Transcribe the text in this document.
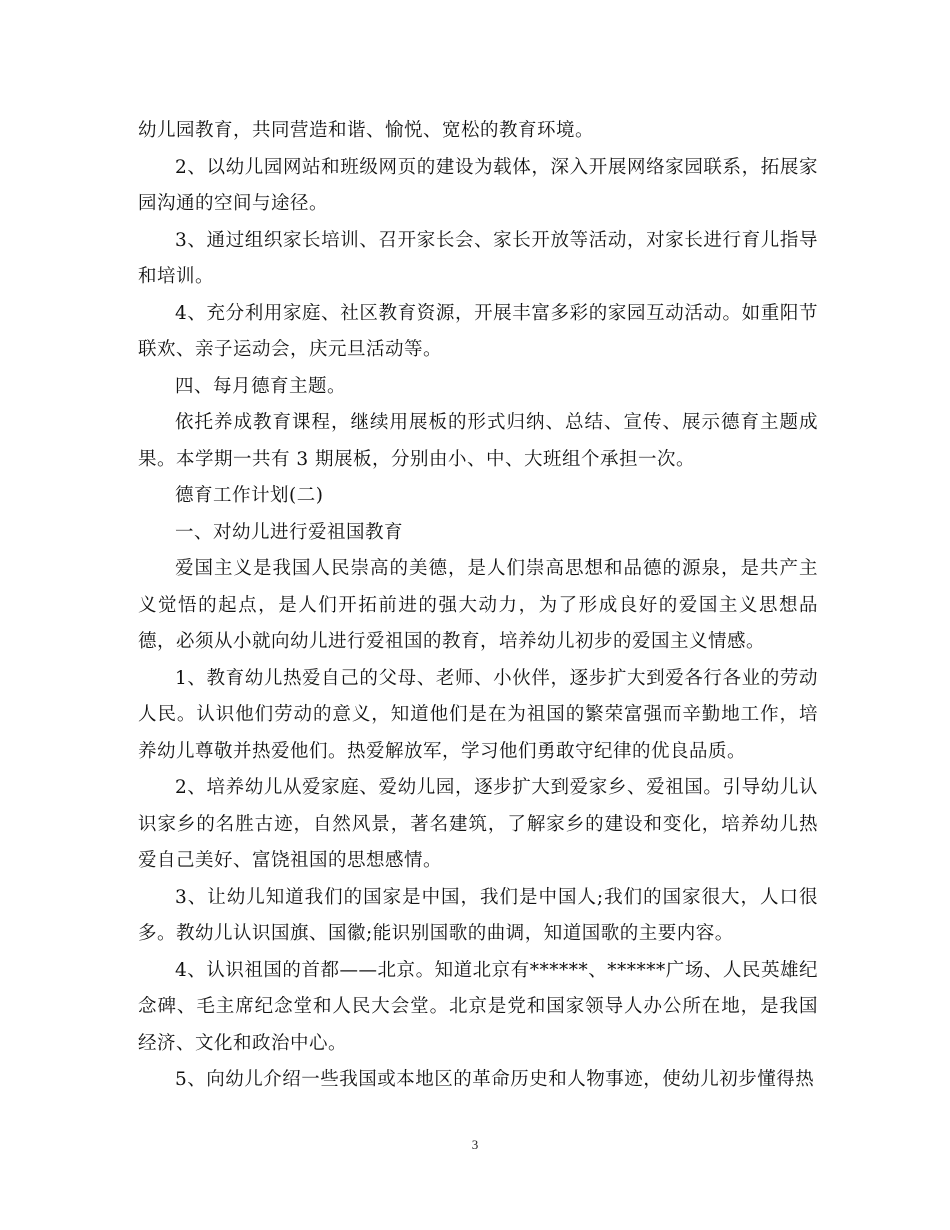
幼儿园教育，共同营造和谐、愉悦、宽松的教育环境。

2、以幼儿园网站和班级网页的建设为载体，深入开展网络家园联系，拓展家园沟通的空间与途径。

3、通过组织家长培训、召开家长会、家长开放等活动，对家长进行育儿指导和培训。

4、充分利用家庭、社区教育资源，开展丰富多彩的家园互动活动。如重阳节联欢、亲子运动会，庆元旦活动等。

四、每月德育主题。

依托养成教育课程，继续用展板的形式归纳、总结、宣传、展示德育主题成果。本学期一共有 3 期展板，分别由小、中、大班组个承担一次。

德育工作计划(二)

一、对幼儿进行爱祖国教育

爱国主义是我国人民崇高的美德，是人们崇高思想和品德的源泉，是共产主义觉悟的起点，是人们开拓前进的强大动力，为了形成良好的爱国主义思想品德，必须从小就向幼儿进行爱祖国的教育，培养幼儿初步的爱国主义情感。

1、教育幼儿热爱自己的父母、老师、小伙伴，逐步扩大到爱各行各业的劳动人民。认识他们劳动的意义，知道他们是在为祖国的繁荣富强而辛勤地工作，培养幼儿尊敬并热爱他们。热爱解放军，学习他们勇敢守纪律的优良品质。

2、培养幼儿从爱家庭、爱幼儿园，逐步扩大到爱家乡、爱祖国。引导幼儿认识家乡的名胜古迹，自然风景，著名建筑，了解家乡的建设和变化，培养幼儿热爱自己美好、富饶祖国的思想感情。

3、让幼儿知道我们的国家是中国，我们是中国人;我们的国家很大，人口很多。教幼儿认识国旗、国徽;能识别国歌的曲调，知道国歌的主要内容。

4、认识祖国的首都——北京。知道北京有******、******广场、人民英雄纪念碑、毛主席纪念堂和人民大会堂。北京是党和国家领导人办公所在地，是我国经济、文化和政治中心。

5、向幼儿介绍一些我国或本地区的革命历史和人物事迹，使幼儿初步懂得热

3
